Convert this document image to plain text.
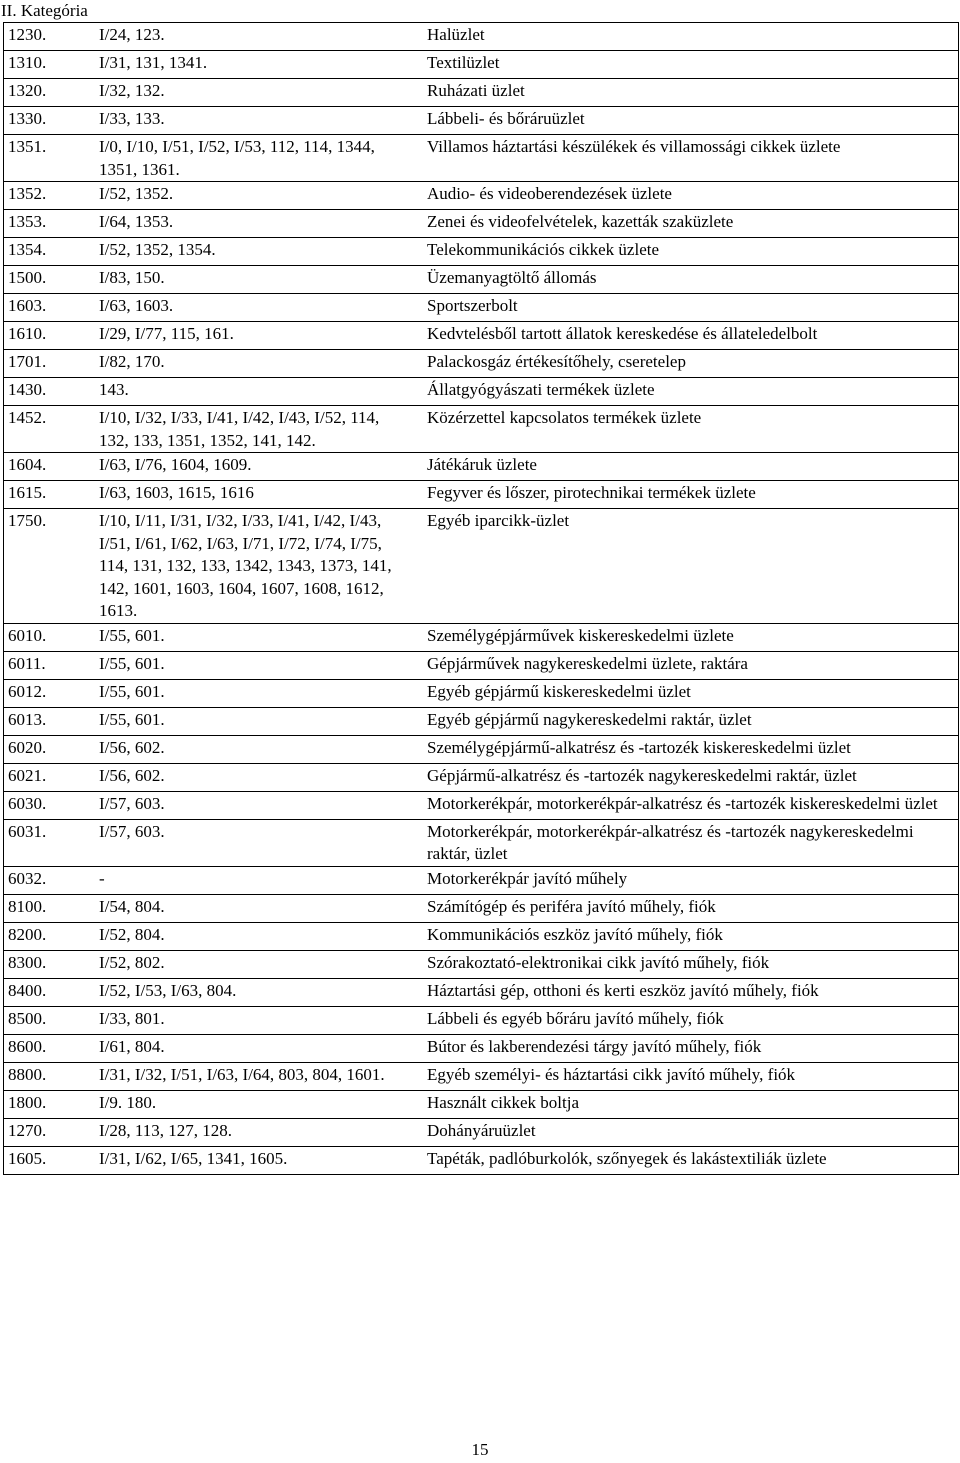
II. Kategória
1230.	I/24, 123.	Halüzlet
1310.	I/31, 131, 1341.	Textilüzlet
1320.	I/32, 132.	Ruházati üzlet
1330.	I/33, 133.	Lábbeli- és bőráruüzlet
1351.	I/0, I/10, I/51, I/52, I/53, 112, 114, 1344, 1351, 1361.	Villamos háztartási készülékek és villamossági cikkek üzlete
1352.	I/52, 1352.	Audio- és videoberendezések üzlete
1353.	I/64, 1353.	Zenei és videofelvételek, kazetták szaküzlete
1354.	I/52, 1352, 1354.	Telekommunikációs cikkek üzlete
1500.	I/83, 150.	Üzemanyagtöltő állomás
1603.	I/63, 1603.	Sportszerbolt
1610.	I/29, I/77, 115, 161.	Kedvtelésből tartott állatok kereskedése és állateledelbolt
1701.	I/82, 170.	Palackosgáz értékesítőhely, cseretelep
1430.	143.	Állatgyógyászati termékek üzlete
1452.	I/10, I/32, I/33, I/41, I/42, I/43, I/52, 114, 132, 133, 1351, 1352, 141, 142.	Közérzettel kapcsolatos termékek üzlete
1604.	I/63, I/76, 1604, 1609.	Játékáruk üzlete
1615.	I/63, 1603, 1615, 1616	Fegyver és lőszer, pirotechnikai termékek üzlete
1750.	I/10, I/11, I/31, I/32, I/33, I/41, I/42, I/43, I/51, I/61, I/62, I/63, I/71, I/72, I/74, I/75, 114, 131, 132, 133, 1342, 1343, 1373, 141, 142, 1601, 1603, 1604, 1607, 1608, 1612, 1613.	Egyéb iparcikk-üzlet
6010.	I/55, 601.	Személygépjárművek kiskereskedelmi üzlete
6011.	I/55, 601.	Gépjárművek nagykereskedelmi üzlete, raktára
6012.	I/55, 601.	Egyéb gépjármű kiskereskedelmi üzlet
6013.	I/55, 601.	Egyéb gépjármű nagykereskedelmi raktár, üzlet
6020.	I/56, 602.	Személygépjármű-alkatrész és -tartozék kiskereskedelmi üzlet
6021.	I/56, 602.	Gépjármű-alkatrész és -tartozék nagykereskedelmi raktár, üzlet
6030.	I/57, 603.	Motorkerékpár, motorkerékpár-alkatrész és -tartozék kiskereskedelmi üzlet
6031.	I/57, 603.	Motorkerékpár, motorkerékpár-alkatrész és -tartozék nagykereskedelmi raktár, üzlet
6032.	-	Motorkerékpár javító műhely
8100.	I/54, 804.	Számítógép és periféra javító műhely, fiók
8200.	I/52, 804.	Kommunikációs eszköz javító műhely, fiók
8300.	I/52, 802.	Szórakoztató-elektronikai cikk javító műhely, fiók
8400.	I/52, I/53, I/63, 804.	Háztartási gép, otthoni és kerti eszköz javító műhely, fiók
8500.	I/33, 801.	Lábbeli és egyéb bőráru javító műhely, fiók
8600.	I/61, 804.	Bútor és lakberendezési tárgy javító műhely, fiók
8800.	I/31, I/32, I/51, I/63, I/64, 803, 804, 1601.	Egyéb személyi- és háztartási cikk javító műhely, fiók
1800.	I/9. 180.	Használt cikkek boltja
1270.	I/28, 113, 127, 128.	Dohányáruüzlet
1605.	I/31, I/62, I/65, 1341, 1605.	Tapéták, padlóburkolók, szőnyegek és lakástextiliák üzlete
15
